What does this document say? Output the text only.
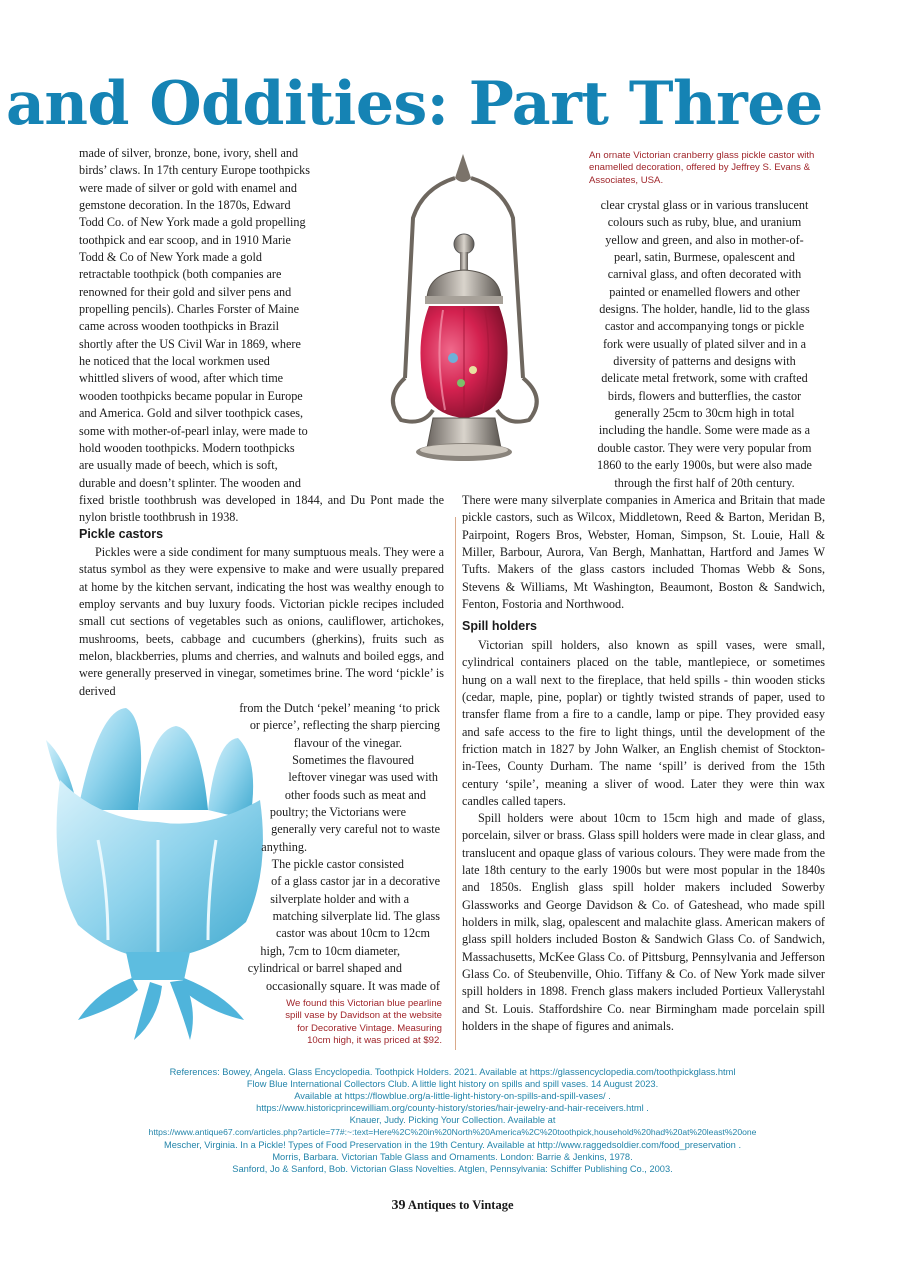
and Oddities: Part Three
made of silver, bronze, bone, ivory, shell and
birds’ claws. In 17th century Europe toothpicks
were made of silver or gold with enamel and
gemstone decoration. In the 1870s, Edward
Todd Co. of New York made a gold propelling
toothpick and ear scoop, and in 1910 Marie
Todd & Co of New York made a gold
retractable toothpick (both companies are
renowned for their gold and silver pens and
propelling pencils). Charles Forster of Maine
came across wooden toothpicks in Brazil
shortly after the US Civil War in 1869, where
he noticed that the local workmen used
whittled slivers of wood, after which time
wooden toothpicks became popular in Europe
and America. Gold and silver toothpick cases,
some with mother-of-pearl inlay, were made to
hold wooden toothpicks. Modern toothpicks
are usually made of beech, which is soft,
durable and doesn’t splinter. The wooden and

fixed bristle toothbrush was developed in 1844, and Du Pont made the nylon bristle toothbrush in 1938.

Pickle castors

Pickles were a side condiment for many sumptuous meals. They were a status symbol as they were expensive to make and were usually prepared at home by the kitchen servant, indicating the host was wealthy enough to employ servants and buy luxury foods. Victorian pickle recipes included small cut sections of vegetables such as onions, cauliflower, artichokes, mushrooms, beets, cabbage and cucumbers (gherkins), fruits such as melon, blackberries, plums and cherries, and walnuts and boiled eggs, and were generally preserved in vinegar, sometimes brine. The word ‘pickle’ is derived

from the Dutch ‘pekel’ meaning ‘to prick
or pierce’, reflecting the sharp piercing
flavour of the vinegar.
Sometimes the flavoured
leftover vinegar was used with
other foods such as meat and
poultry; the Victorians were
generally very careful not to waste
anything.
The pickle castor consisted
of a glass castor jar in a decorative
silverplate holder and with a
matching silverplate lid. The glass
castor was about 10cm to 12cm
high, 7cm to 10cm diameter,
cylindrical or barrel shaped and
occasionally square. It was made of
We found this Victorian blue pearline
spill vase by Davidson at the website
for Decorative Vintage. Measuring
10cm high, it was priced at $92.

An ornate Victorian cranberry glass pickle castor with enamelled decoration, offered by Jeffrey S. Evans & Associates, USA.

clear crystal glass or in various translucent
colours such as ruby, blue, and uranium
yellow and green, and also in mother-of-
pearl, satin, Burmese, opalescent and
carnival glass, and often decorated with
painted or enamelled flowers and other
designs. The holder, handle, lid to the glass
castor and accompanying tongs or pickle
fork were usually of plated silver and in a
diversity of patterns and designs with
delicate metal fretwork, some with crafted
birds, flowers and butterflies, the castor
generally 25cm to 30cm high in total
including the handle. Some were made as a
double castor. They were very popular from
1860 to the early 1900s, but were also made
through the first half of 20th century.

There were many silverplate companies in America and Britain that made pickle castors, such as Wilcox, Middletown, Reed & Barton, Meridan B, Pairpoint, Rogers Bros, Webster, Homan, Simpson, St. Louie, Hall & Miller, Barbour, Aurora, Van Bergh, Manhattan, Hartford and James W Tufts. Makers of the glass castors included Thomas Webb & Sons, Stevens & Williams, Mt Washington, Beaumont, Boston & Sandwich, Fenton, Fostoria and Northwood.

Spill holders

Victorian spill holders, also known as spill vases, were small, cylindrical containers placed on the table, mantlepiece, or sometimes hung on a wall next to the fireplace, that held spills - thin wooden sticks (cedar, maple, pine, poplar) or tightly twisted strands of paper, used to transfer flame from a fire to a candle, lamp or pipe. They provided easy and safe access to the fire to light things, until the development of the friction match in 1827 by John Walker, an English chemist of Stockton-in-Tees, County Durham. The name ‘spill’ is derived from the 15th century ‘spile’, meaning a sliver of wood. Later they were thin wax candles called tapers.

Spill holders were about 10cm to 15cm high and made of glass, porcelain, silver or brass. Glass spill holders were made in clear glass, and translucent and opaque glass of various colours. They were made from the late 18th century to the early 1900s but were most popular in the 1840s and 1850s. English glass spill holder makers included Sowerby Glassworks and George Davidson & Co. of Gateshead, who made spill holders in milk, slag, opalescent and malachite glass. American makers of glass spill holders included Boston & Sandwich Glass Co. of Sandwich, Massachusetts, McKee Glass Co. of Pittsburg, Pennsylvania and Jefferson Glass Co. of Steubenville, Ohio. Tiffany & Co. of New York made silver spill holders in 1898. French glass makers included Portieux Vallerystahl and St. Louis. Staffordshire Co. near Birmingham made porcelain spill holders in the shape of figures and animals.

References: Bowey, Angela. Glass Encyclopedia. Toothpick Holders. 2021. Available at https://glassencyclopedia.com/toothpickglass.html
Flow Blue International Collectors Club. A little light history on spills and spill vases. 14 August 2023.
Available at https://flowblue.org/a-little-light-history-on-spills-and-spill-vases/ .
https://www.historicprincewilliam.org/county-history/stories/hair-jewelry-and-hair-receivers.html .
Knauer, Judy. Picking Your Collection. Available at
https://www.antique67.com/articles.php?article=77#:~:text=Here%2C%20in%20North%20America%2C%20toothpick,household%20had%20at%20least%20one
Mescher, Virginia. In a Pickle! Types of Food Preservation in the 19th Century. Available at http://www.raggedsoldier.com/food_preservation .
Morris, Barbara. Victorian Table Glass and Ornaments. London: Barrie & Jenkins, 1978.
Sanford, Jo & Sanford, Bob. Victorian Glass Novelties. Atglen, Pennsylvania: Schiffer Publishing Co., 2003.
39 Antiques to Vintage
